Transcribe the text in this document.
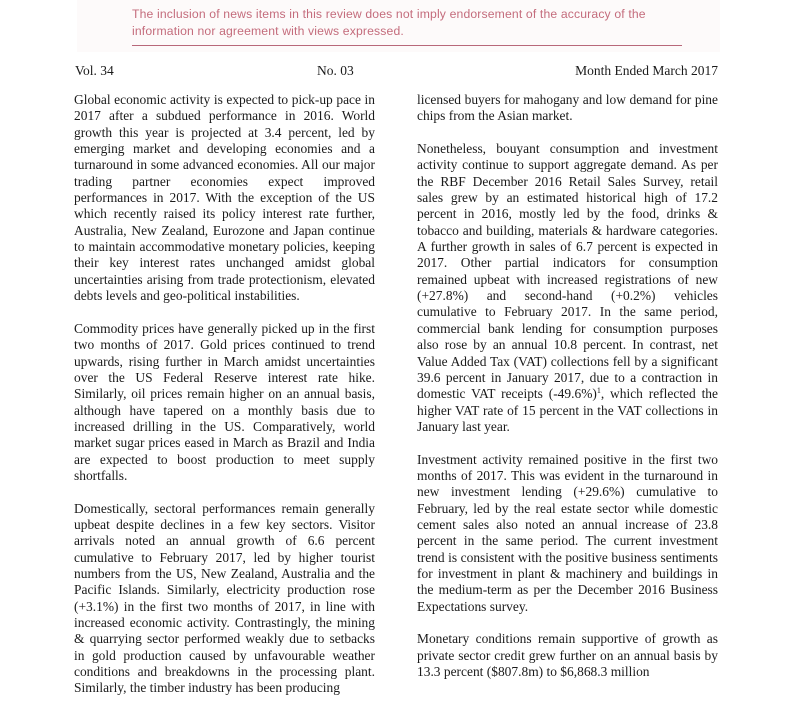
The inclusion of news items in this review does not imply endorsement of the accuracy of the information nor agreement with views expressed.
Vol. 34	No. 03	Month Ended March 2017

Global economic activity is expected to pick-up pace in 2017 after a subdued performance in 2016. World growth this year is projected at 3.4 percent, led by emerging market and developing economies and a turnaround in some advanced economies. All our major trading partner economies expect improved performances in 2017. With the exception of the US which recently raised its policy interest rate further, Australia, New Zealand, Eurozone and Japan continue to maintain accommodative monetary policies, keeping their key interest rates unchanged amidst global uncertainties arising from trade protectionism, elevated debts levels and geo-political instabilities.

Commodity prices have generally picked up in the first two months of 2017. Gold prices continued to trend upwards, rising further in March amidst uncertainties over the US Federal Reserve interest rate hike. Similarly, oil prices remain higher on an annual basis, although have tapered on a monthly basis due to increased drilling in the US. Comparatively, world market sugar prices eased in March as Brazil and India are expected to boost production to meet supply shortfalls.

Domestically, sectoral performances remain generally upbeat despite declines in a few key sectors. Visitor arrivals noted an annual growth of 6.6 percent cumulative to February 2017, led by higher tourist numbers from the US, New Zealand, Australia and the Pacific Islands. Similarly, electricity production rose (+3.1%) in the first two months of 2017, in line with increased economic activity. Contrastingly, the mining & quarrying sector performed weakly due to setbacks in gold production caused by unfavourable weather conditions and breakdowns in the processing plant. Similarly, the timber industry has been producing

licensed buyers for mahogany and low demand for pine chips from the Asian market.

Nonetheless, bouyant consumption and investment activity continue to support aggregate demand. As per the RBF December 2016 Retail Sales Survey, retail sales grew by an estimated historical high of 17.2 percent in 2016, mostly led by the food, drinks & tobacco and building, materials & hardware categories. A further growth in sales of 6.7 percent is expected in 2017. Other partial indicators for consumption remained upbeat with increased registrations of new (+27.8%) and second-hand (+0.2%) vehicles cumulative to February 2017. In the same period, commercial bank lending for consumption purposes also rose by an annual 10.8 percent. In contrast, net Value Added Tax (VAT) collections fell by a significant 39.6 percent in January 2017, due to a contraction in domestic VAT receipts $(-49.6\%)^1$, which reflected the higher VAT rate of 15 percent in the VAT collections in January last year.

Investment activity remained positive in the first two months of 2017. This was evident in the turnaround in new investment lending (+29.6%) cumulative to February, led by the real estate sector while domestic cement sales also noted an annual increase of 23.8 percent in the same period. The current investment trend is consistent with the positive business sentiments for investment in plant & machinery and buildings in the medium-term as per the December 2016 Business Expectations survey.

Monetary conditions remain supportive of growth as private sector credit grew further on an annual basis by 13.3 percent ($807.8m) to $6,868.3 million
